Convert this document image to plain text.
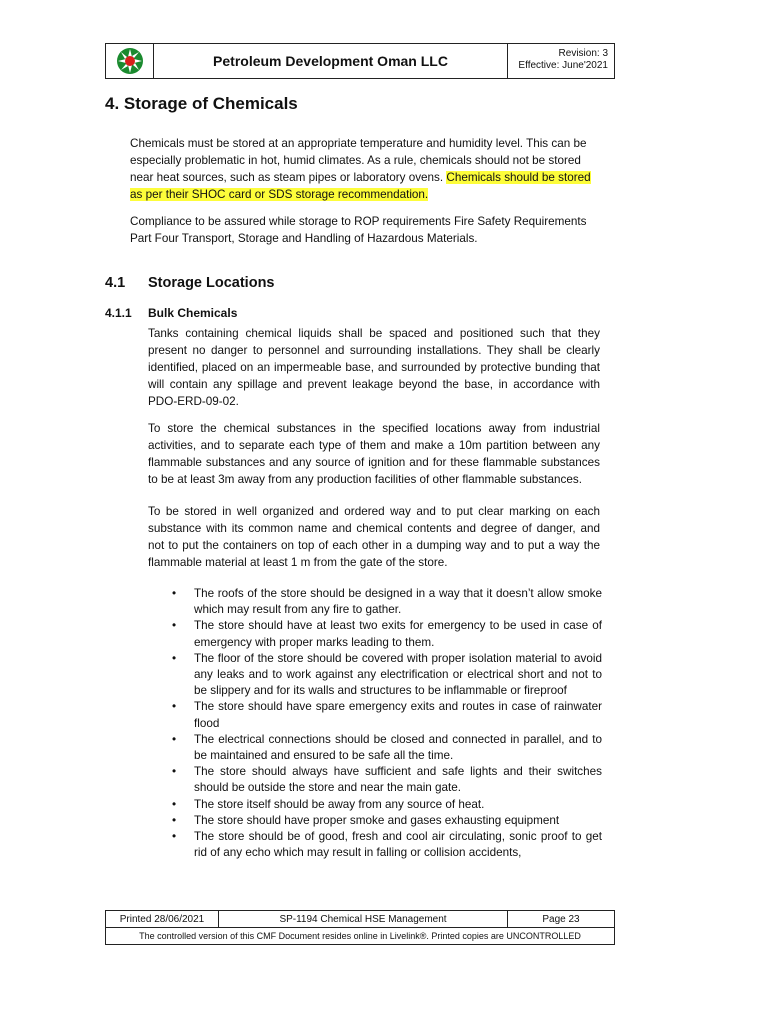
Petroleum Development Oman LLC	Revision: 3
Effective: June'2021
4. Storage of Chemicals

Chemicals must be stored at an appropriate temperature and humidity level. This can be especially problematic in hot, humid climates. As a rule, chemicals should not be stored near heat sources, such as steam pipes or laboratory ovens. Chemicals should be stored as per their SHOC card or SDS storage recommendation.

Compliance to be assured while storage to ROP requirements Fire Safety Requirements Part Four Transport, Storage and Handling of Hazardous Materials.

4.1	Storage Locations
4.1.1	Bulk Chemicals

Tanks containing chemical liquids shall be spaced and positioned such that they present no danger to personnel and surrounding installations. They shall be clearly identified, placed on an impermeable base, and surrounded by protective bunding that will contain any spillage and prevent leakage beyond the base, in accordance with PDO-ERD-09-02.

To store the chemical substances in the specified locations away from industrial activities, and to separate each type of them and make a 10m partition between any flammable substances and any source of ignition and for these flammable substances to be at least 3m away from any production facilities of other flammable substances.

To be stored in well organized and ordered way and to put clear marking on each substance with its common name and chemical contents and degree of danger, and not to put the containers on top of each other in a dumping way and to put a way the flammable material at least 1 m from the gate of the store.

• The roofs of the store should be designed in a way that it doesn’t allow smoke which may result from any fire to gather.
• The store should have at least two exits for emergency to be used in case of emergency with proper marks leading to them.
• The floor of the store should be covered with proper isolation material to avoid any leaks and to work against any electrification or electrical short and not to be slippery and for its walls and structures to be inflammable or fireproof
• The store should have spare emergency exits and routes in case of rainwater flood
• The electrical connections should be closed and connected in parallel, and to be maintained and ensured to be safe all the time.
• The store should always have sufficient and safe lights and their switches should be outside the store and near the main gate.
• The store itself should be away from any source of heat.
• The store should have proper smoke and gases exhausting equipment
• The store should be of good, fresh and cool air circulating, sonic proof to get rid of any echo which may result in falling or collision accidents,
Printed 28/06/2021	SP-1194 Chemical HSE Management	Page 23
The controlled version of this CMF Document resides online in Livelink®. Printed copies are UNCONTROLLED
